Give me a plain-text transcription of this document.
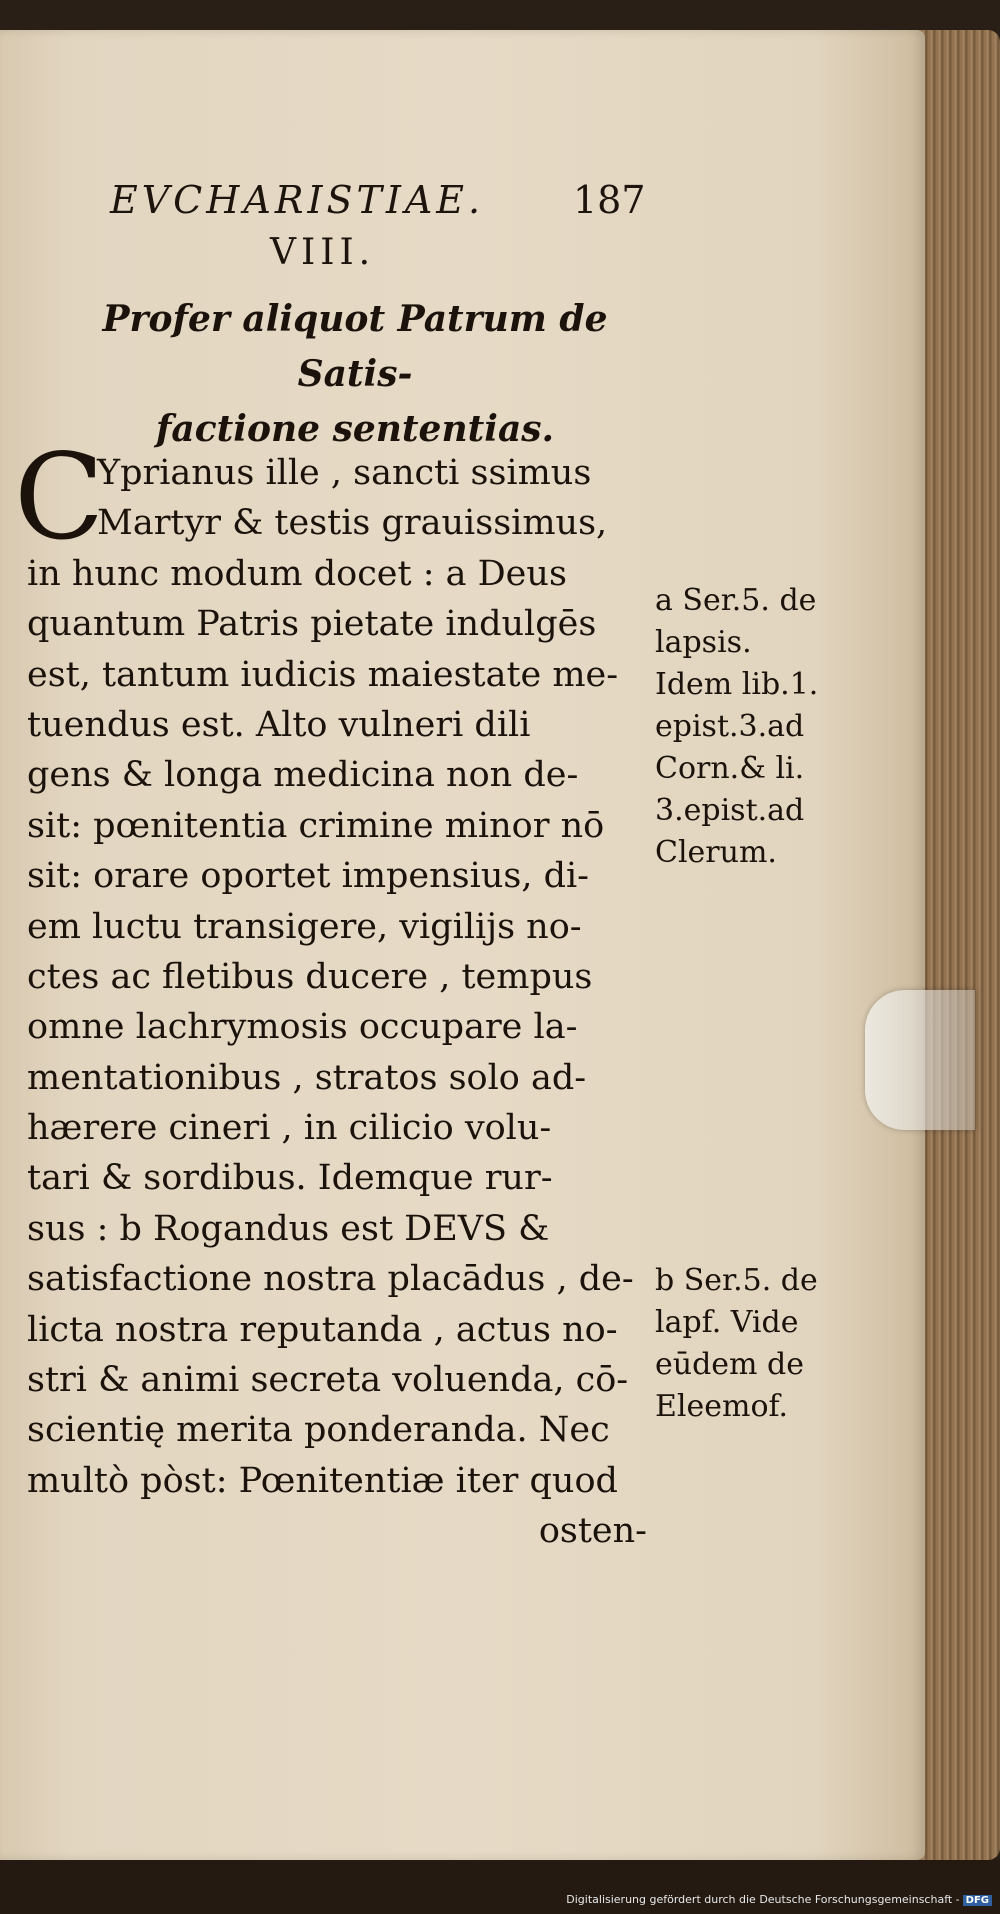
EVCHARISTIAE. 187
VIII.
Profer aliquot Patrum de Satis-
factione sententias.
C
Yprianus ille , sancti ssimus
Martyr & testis grauissimus,
in hunc modum docet : a Deus
quantum Patris pietate indulgēs
est, tantum iudicis maiestate me-
tuendus est. Alto vulneri dili
gens & longa medicina non de-
sit: pœnitentia crimine minor nō
sit: orare oportet impensius, di-
em luctu transigere, vigilijs no-
ctes ac fletibus ducere , tempus
omne lachrymosis occupare la-
mentationibus , stratos solo ad-
hærere cineri , in cilicio volu-
tari & sordibus. Idemque rur-
sus : b Rogandus est DEVS &
satisfactione nostra placādus , de-
licta nostra reputanda , actus no-
stri & animi secreta voluenda, cō-
scientię merita ponderanda. Nec
multò pòst: Pœnitentiæ iter quod
osten-
a Ser.5. de
lapsis.
Idem lib.1.
epist.3.ad
Corn.& li.
3.epist.ad
Clerum.
b Ser.5. de
lapf. Vide
eūdem de
Eleemof.
Digitalisierung gefördert durch die Deutsche Forschungsgemeinschaft - DFG
